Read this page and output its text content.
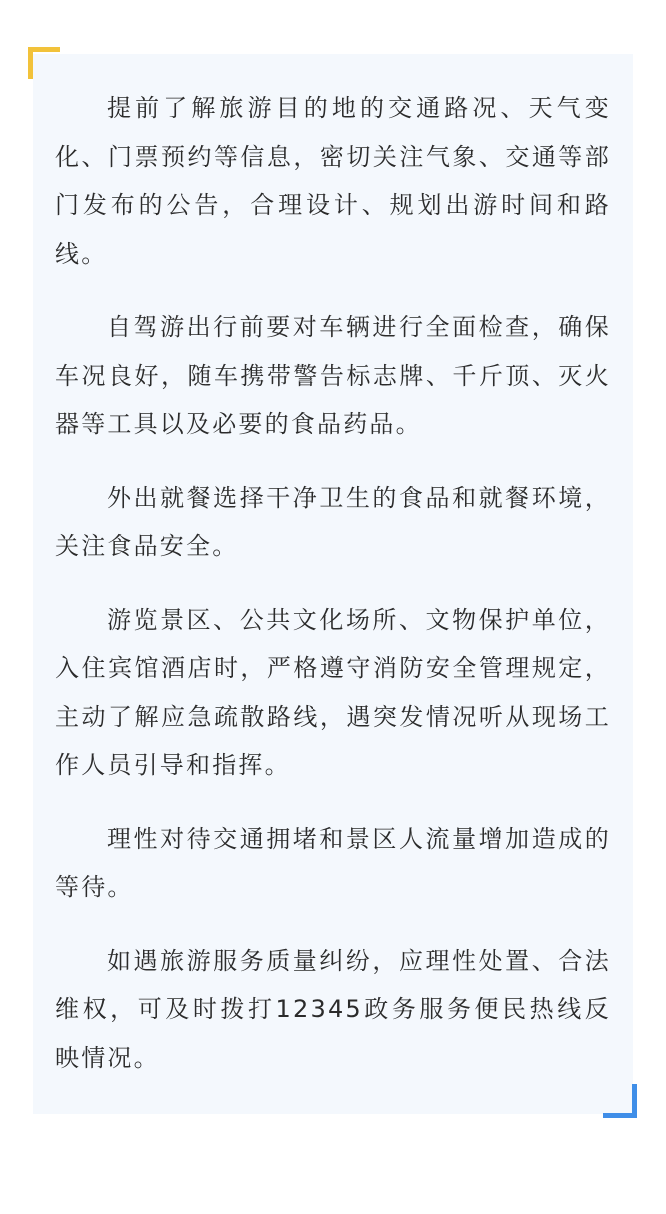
提前了解旅游目的地的交通路况、天气变化、门票预约等信息，密切关注气象、交通等部门发布的公告，合理设计、规划出游时间和路线。

自驾游出行前要对车辆进行全面检查，确保车况良好，随车携带警告标志牌、千斤顶、灭火器等工具以及必要的食品药品。

外出就餐选择干净卫生的食品和就餐环境，关注食品安全。

游览景区、公共文化场所、文物保护单位，入住宾馆酒店时，严格遵守消防安全管理规定，主动了解应急疏散路线，遇突发情况听从现场工作人员引导和指挥。

理性对待交通拥堵和景区人流量增加造成的等待。

如遇旅游服务质量纠纷，应理性处置、合法维权，可及时拨打12345政务服务便民热线反映情况。
